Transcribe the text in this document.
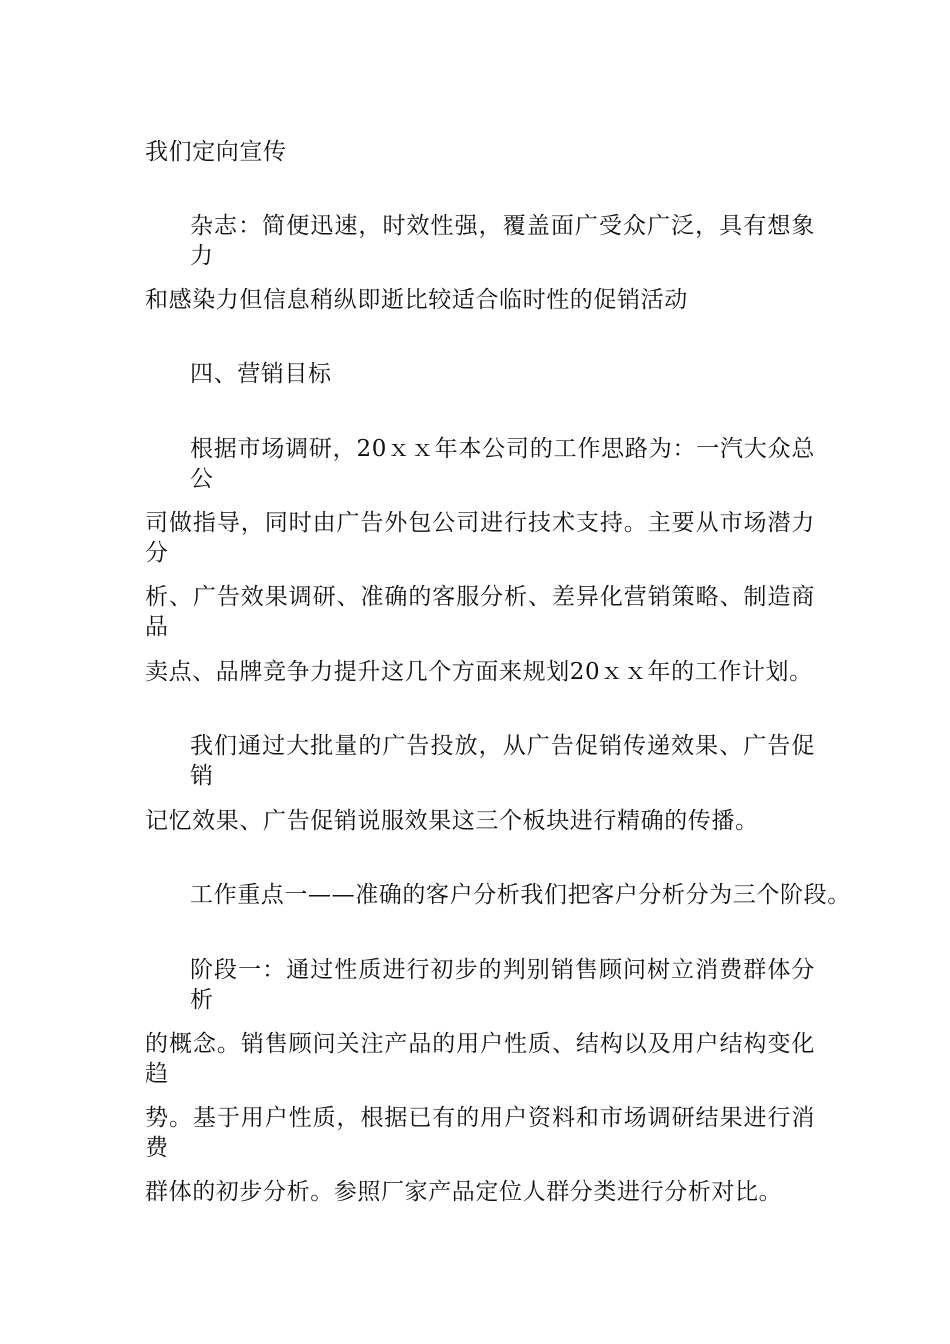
我们定向宣传
杂志：简便迅速，时效性强，覆盖面广受众广泛，具有想象力
和感染力但信息稍纵即逝比较适合临时性的促销活动
四、营销目标
根据市场调研，20ｘｘ年本公司的工作思路为：一汽大众总公
司做指导，同时由广告外包公司进行技术支持。主要从市场潜力分
析、广告效果调研、准确的客服分析、差异化营销策略、制造商品
卖点、品牌竞争力提升这几个方面来规划20ｘｘ年的工作计划。
我们通过大批量的广告投放，从广告促销传递效果、广告促销
记忆效果、广告促销说服效果这三个板块进行精确的传播。
工作重点一——准确的客户分析我们把客户分析分为三个阶段。
阶段一：通过性质进行初步的判别销售顾问树立消费群体分析
的概念。销售顾问关注产品的用户性质、结构以及用户结构变化趋
势。基于用户性质，根据已有的用户资料和市场调研结果进行消费
群体的初步分析。参照厂家产品定位人群分类进行分析对比。
